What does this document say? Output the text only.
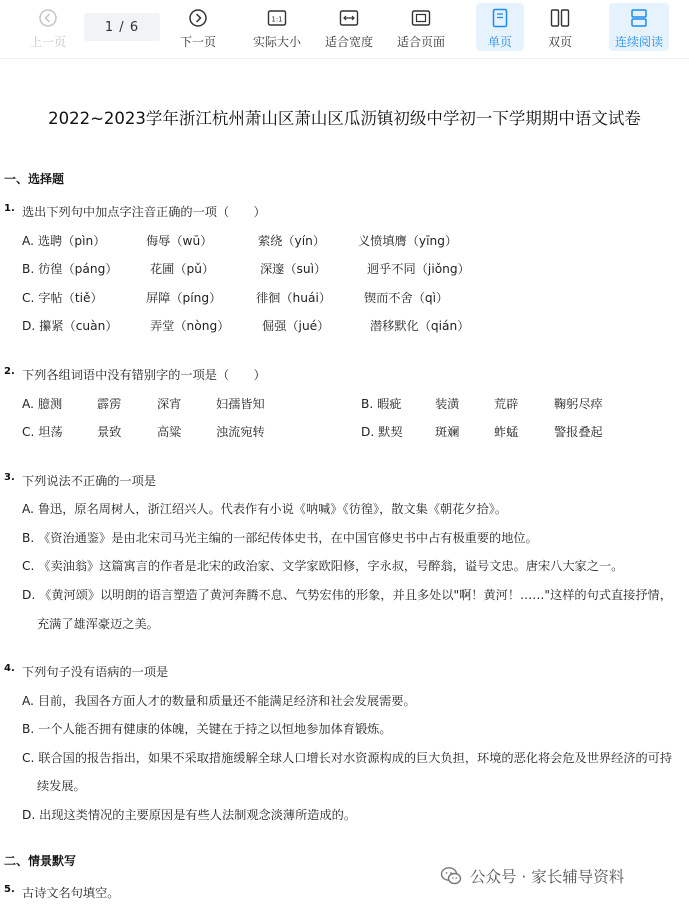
上一页
1 / 6
下一页
1:1
实际大小 适合宽度 适合页面	单页	双页	连续阅读
2022~2023学年浙江杭州萧山区萧山区瓜沥镇初级中学初一下学期期中语文试卷
一、选择题
1. 选出下列句中加点字注音正确的一项（　　）
A. 选聘（pìn）	侮辱（wū）	萦绕（yín）	义愤填膺（yīng）
B. 彷徨（páng）	花圃（pǔ）	深邃（suì）	迥乎不同（jiǒng）
C. 字帖（tiě）	屏障（píng）	徘徊（huái）	锲而不舍（qì）
D. 攥紧（cuàn）	弄堂（nòng）	倔强（jué）	潜移默化（qián）
2. 下列各组词语中没有错别字的一项是（　　）
A. 臆测	霹雳	深宵	妇孺皆知	B. 暇疵	装潢	荒辟	鞠躬尽瘁
C. 坦荡	景致	高粱	浊流宛转	D. 默契	斑斓	蚱蜢	警报叠起
3. 下列说法不正确的一项是
A. 鲁迅，原名周树人，浙江绍兴人。代表作有小说《呐喊》《彷徨》，散文集《朝花夕拾》。
B. 《资治通鉴》是由北宋司马光主编的一部纪传体史书，在中国官修史书中占有极重要的地位。
C. 《卖油翁》这篇寓言的作者是北宋的政治家、文学家欧阳修，字永叔，号醉翁，谥号文忠。唐宋八大家之一。
D. 《黄河颂》以明朗的语言塑造了黄河奔腾不息、气势宏伟的形象，并且多处以"啊！黄河！……"这样的句式直接抒情，
充满了雄浑豪迈之美。
4. 下列句子没有语病的一项是
A. 目前，我国各方面人才的数量和质量还不能满足经济和社会发展需要。
B. 一个人能否拥有健康的体魄，关键在于持之以恒地参加体育锻炼。
C. 联合国的报告指出，如果不采取措施缓解全球人口增长对水资源构成的巨大负担，环境的恶化将会危及世界经济的可持
续发展。
D. 出现这类情况的主要原因是有些人法制观念淡薄所造成的。
二、情景默写
5. 古诗文名句填空。
公众号 · 家长辅导资料
